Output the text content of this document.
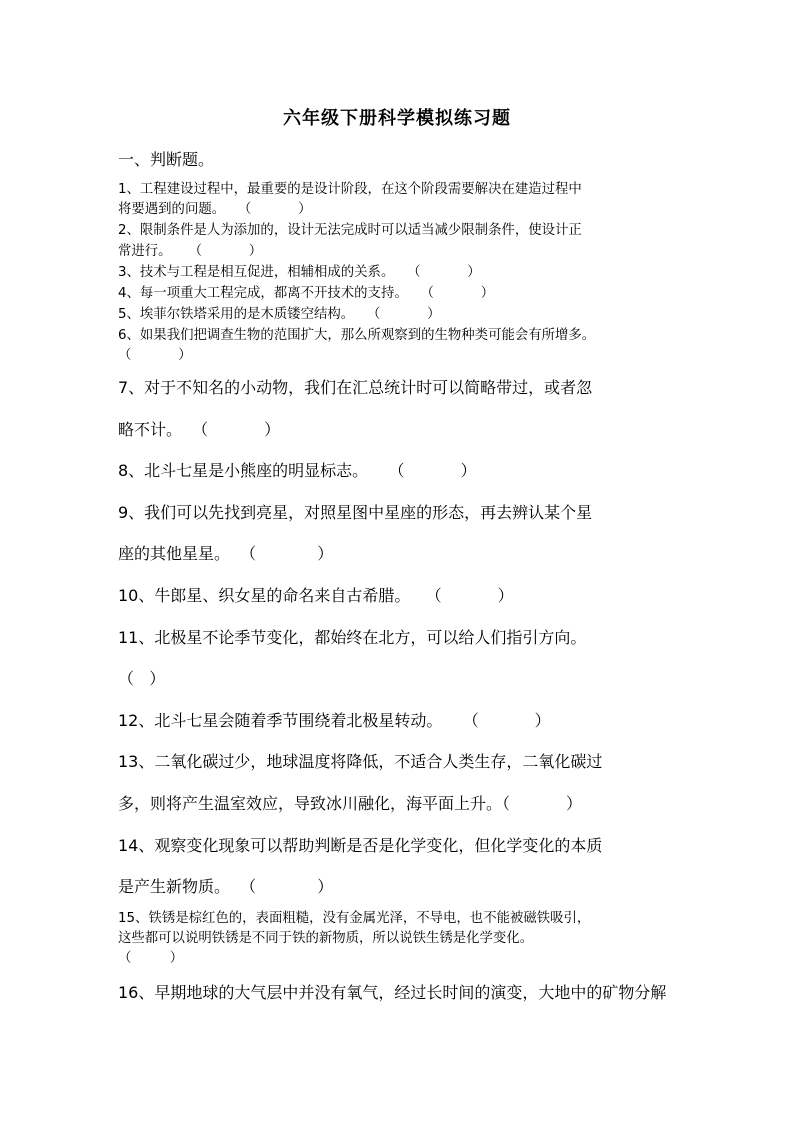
六年级下册科学模拟练习题
一、判断题。
1、工程建设过程中，最重要的是设计阶段，在这个阶段需要解决在建造过程中
将要遇到的问题。   （           ）
2、限制条件是人为添加的，设计无法完成时可以适当减少限制条件，使设计正
常进行。    （           ）
3、技术与工程是相互促进，相辅相成的关系。   （           ）
4、每一项重大工程完成，都离不开技术的支持。   （           ）
5、埃菲尔铁塔采用的是木质镂空结构。   （           ）
6、如果我们把调查生物的范围扩大，那么所观察到的生物种类可能会有所增多。
（           ）
7、对于不知名的小动物，我们在汇总统计时可以简略带过，或者忽
略不计。  （           ）
8、北斗七星是小熊座的明显标志。    （           ）
9、我们可以先找到亮星，对照星图中星座的形态，再去辨认某个星
座的其他星星。  （            ）
10、牛郎星、织女星的命名来自古希腊。   （           ）
11、北极星不论季节变化，都始终在北方，可以给人们指引方向。
（   ）
12、北斗七星会随着季节围绕着北极星转动。    （           ）
13、二氧化碳过少，地球温度将降低，不适合人类生存，二氧化碳过
多，则将产生温室效应，导致冰川融化，海平面上升。（           ）
14、观察变化现象可以帮助判断是否是化学变化，但化学变化的本质
是产生新物质。  （            ）
15、铁锈是棕红色的，表面粗糙，没有金属光泽，不导电，也不能被磁铁吸引，
这些都可以说明铁锈是不同于铁的新物质，所以说铁生锈是化学变化。
（         ）
16、早期地球的大气层中并没有氧气，经过长时间的演变，大地中的矿物分解
